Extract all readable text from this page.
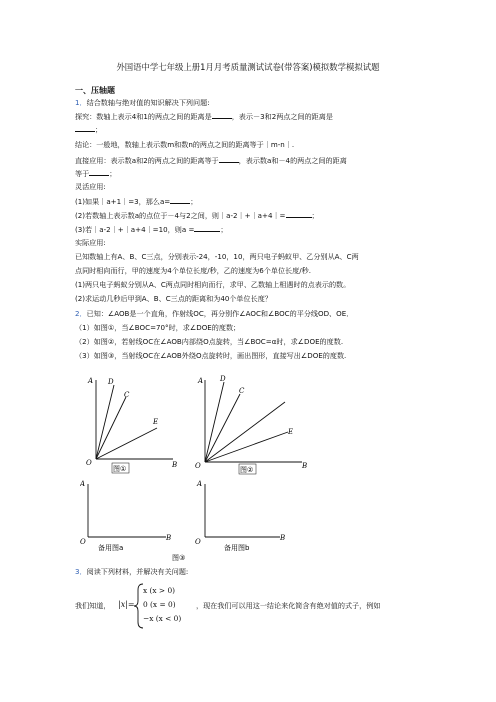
外国语中学七年级上册1月月考质量测试试卷(带答案)模拟数学模拟试题
一、压轴题
1．结合数轴与绝对值的知识解决下列问题:
探究：数轴上表示4和1的两点之间的距离是	，表示－3和2两点之间的距离是
；
结论：一般地，数轴上表示数m和数n的两点之间的距离等于｜m-n｜.
直接应用：表示数a和2的两点之间的距离等于	，表示数a和－4的两点之间的距离
等于	；
灵活应用:
(1)如果｜a+1｜=3，那么a=	；
(2)若数轴上表示数a的点位于－4与2之间，则｜a-2｜+｜a+4｜=	；
(3)若｜a-2｜+｜a+4｜=10，则a =	；
实际应用:
已知数轴上有A、B、C三点，分别表示-24，-10，10，两只电子蚂蚁甲、乙分别从A、C两
点同时相向而行，甲的速度为4个单位长度/秒，乙的速度为6个单位长度/秒.
(1)两只电子蚂蚁分别从A、C两点同时相向而行，求甲、乙数轴上相遇时的点表示的数。
(2)求运动几秒后甲到A、B、C三点的距离和为40个单位长度？
2．已知：∠AOB是一个直角，作射线OC，再分别作∠AOC和∠BOC的平分线OD、OE．
（1）如图①，当∠BOC=70°时，求∠DOE的度数；
（2）如图②，若射线OC在∠AOB内部绕O点旋转，当∠BOC=α时，求∠DOE的度数.
（3）如图③，当射线OC在∠AOB外绕O点旋转时，画出图形，直接写出∠DOE的度数.
A D
C
E
O	B
图①
A D
C
E
O	B
图②
A
O	B
备用图a
A
O	B
备用图b
图③
3．阅读下列材料，并解决有关问题:
我们知道， |x|=
x (x > 0)
0 (x = 0)
−x (x < 0)
，现在我们可以用这一结论来化简含有绝对值的式子，例如
